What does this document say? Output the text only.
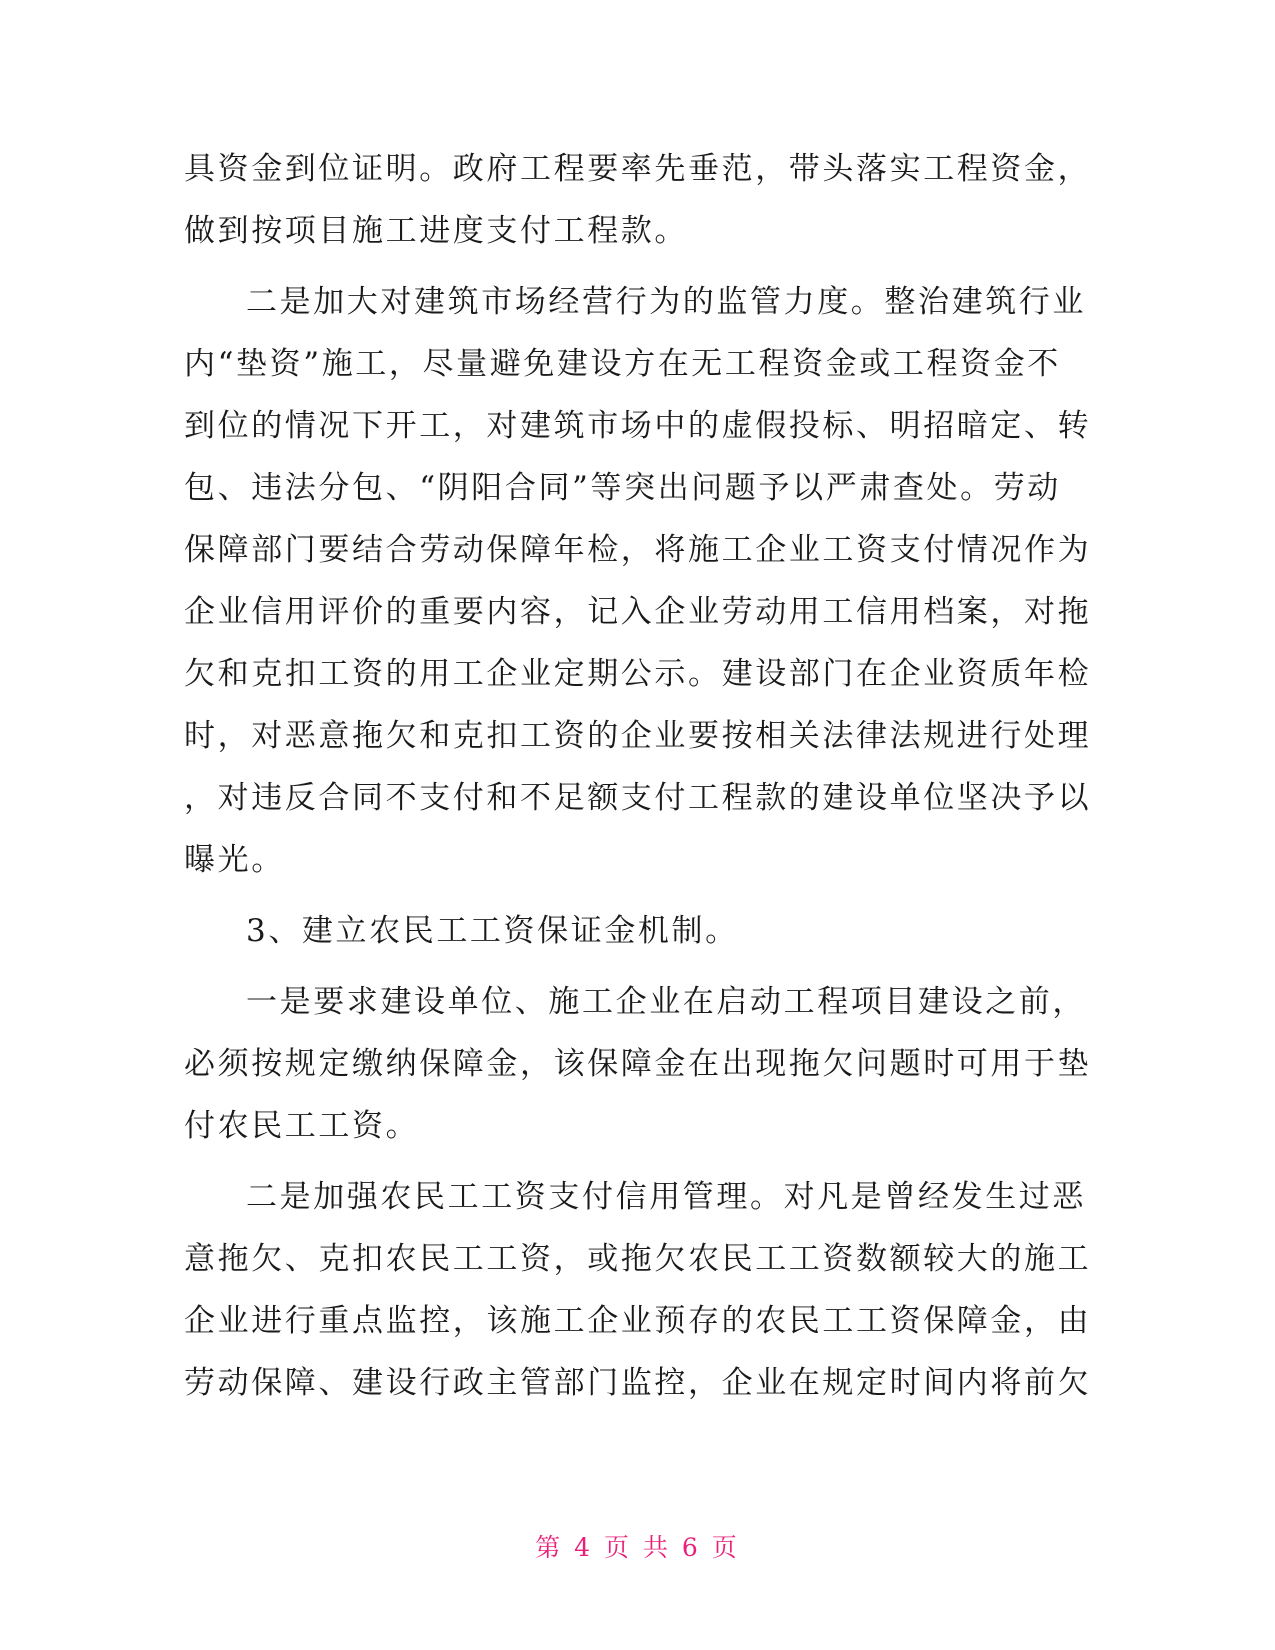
具资金到位证明。政府工程要率先垂范，带头落实工程资金，
做到按项目施工进度支付工程款。
二是加大对建筑市场经营行为的监管力度。整治建筑行业
内“垫资”施工，尽量避免建设方在无工程资金或工程资金不
到位的情况下开工，对建筑市场中的虚假投标、明招暗定、转
包、违法分包、“阴阳合同”等突出问题予以严肃查处。劳动
保障部门要结合劳动保障年检，将施工企业工资支付情况作为
企业信用评价的重要内容，记入企业劳动用工信用档案，对拖
欠和克扣工资的用工企业定期公示。建设部门在企业资质年检
时，对恶意拖欠和克扣工资的企业要按相关法律法规进行处理
，对违反合同不支付和不足额支付工程款的建设单位坚决予以
曝光。
3、建立农民工工资保证金机制。
一是要求建设单位、施工企业在启动工程项目建设之前，
必须按规定缴纳保障金，该保障金在出现拖欠问题时可用于垫
付农民工工资。
二是加强农民工工资支付信用管理。对凡是曾经发生过恶
意拖欠、克扣农民工工资，或拖欠农民工工资数额较大的施工
企业进行重点监控，该施工企业预存的农民工工资保障金，由
劳动保障、建设行政主管部门监控，企业在规定时间内将前欠
第 4 页 共 6 页
